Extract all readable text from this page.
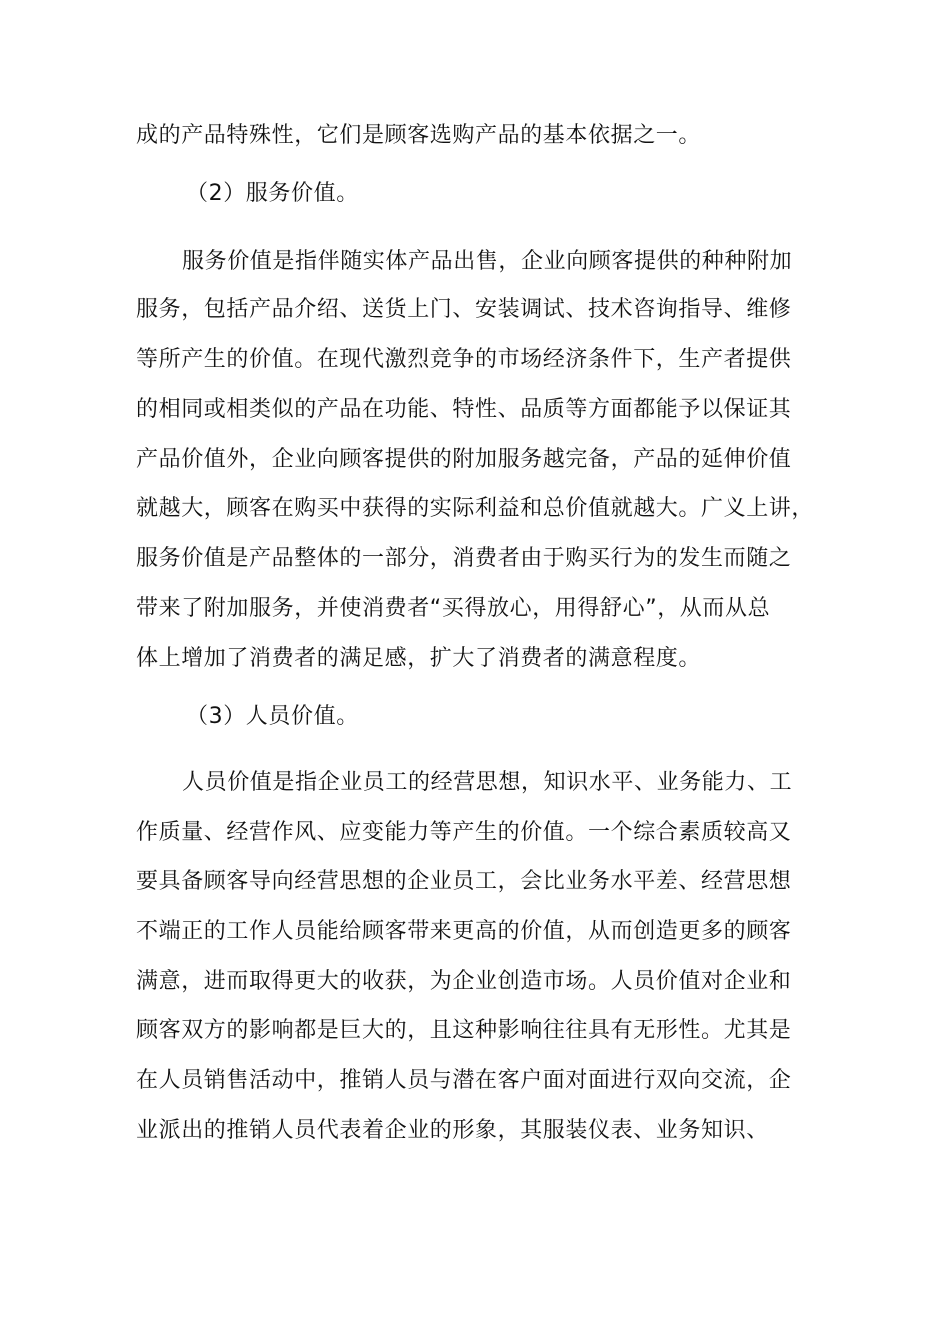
成的产品特殊性，它们是顾客选购产品的基本依据之一。
（2）服务价值。
服务价值是指伴随实体产品出售，企业向顾客提供的种种附加
服务，包括产品介绍、送货上门、安装调试、技术咨询指导、维修
等所产生的价值。在现代激烈竞争的市场经济条件下，生产者提供
的相同或相类似的产品在功能、特性、品质等方面都能予以保证其
产品价值外，企业向顾客提供的附加服务越完备，产品的延伸价值
就越大，顾客在购买中获得的实际利益和总价值就越大。广义上讲，
服务价值是产品整体的一部分，消费者由于购买行为的发生而随之
带来了附加服务，并使消费者“买得放心，用得舒心”，从而从总
体上增加了消费者的满足感，扩大了消费者的满意程度。
（3）人员价值。
人员价值是指企业员工的经营思想，知识水平、业务能力、工
作质量、经营作风、应变能力等产生的价值。一个综合素质较高又
要具备顾客导向经营思想的企业员工，会比业务水平差、经营思想
不端正的工作人员能给顾客带来更高的价值，从而创造更多的顾客
满意，进而取得更大的收获，为企业创造市场。人员价值对企业和
顾客双方的影响都是巨大的，且这种影响往往具有无形性。尤其是
在人员销售活动中，推销人员与潜在客户面对面进行双向交流，企
业派出的推销人员代表着企业的形象，其服装仪表、业务知识、
